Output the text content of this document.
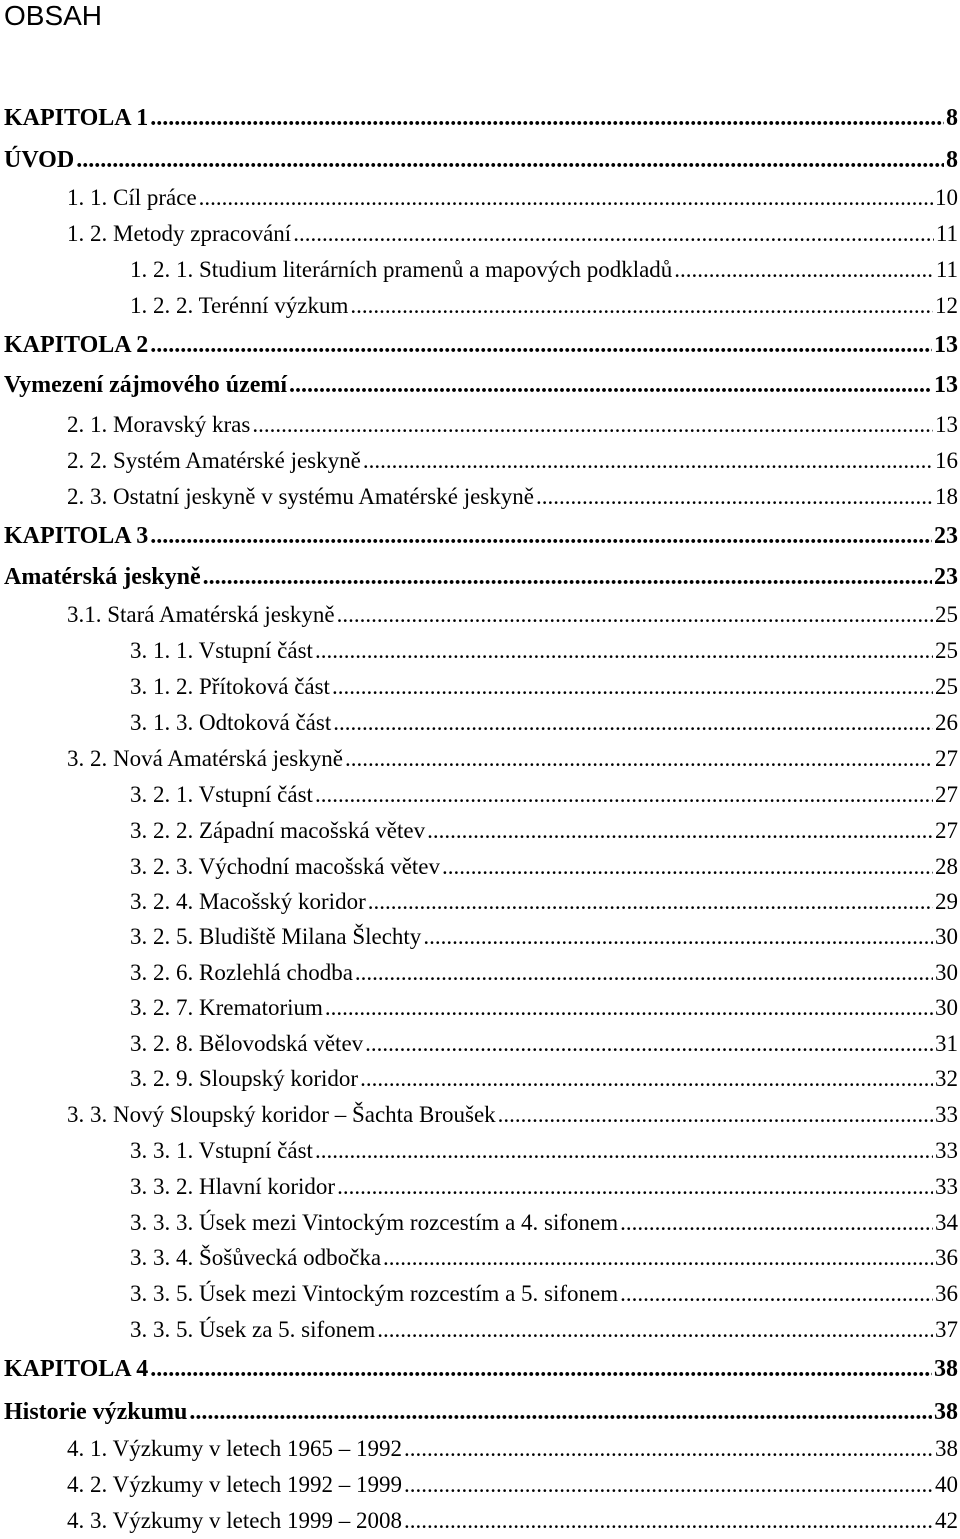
OBSAH
KAPITOLA 1 .....	8
ÚVOD .....	8
1. 1. Cíl práce .....	10
1. 2. Metody zpracování .....	11
1. 2. 1. Studium literárních pramenů a mapových podkladů .....	11
1. 2. 2. Terénní výzkum .....	12
KAPITOLA 2 .....	13
Vymezení zájmového území .....	13
2. 1. Moravský kras .....	13
2. 2. Systém Amatérské jeskyně .....	16
2. 3. Ostatní jeskyně v systému Amatérské jeskyně .....	18
KAPITOLA 3 .....	23
Amatérská jeskyně .....	23
3.1. Stará Amatérská jeskyně .....	25
3. 1. 1. Vstupní část .....	25
3. 1. 2. Přítoková část .....	25
3. 1. 3. Odtoková část .....	26
3. 2. Nová Amatérská jeskyně .....	27
3. 2. 1. Vstupní část .....	27
3. 2. 2. Západní macošská větev .....	27
3. 2. 3. Východní macošská větev .....	28
3. 2. 4. Macošský koridor .....	29
3. 2. 5. Bludiště Milana Šlechty .....	30
3. 2. 6. Rozlehlá chodba .....	30
3. 2. 7. Krematorium .....	30
3. 2. 8. Bělovodská větev .....	31
3. 2. 9. Sloupský koridor .....	32
3. 3. Nový Sloupský koridor – Šachta Broušek .....	33
3. 3. 1. Vstupní část .....	33
3. 3. 2. Hlavní koridor .....	33
3. 3. 3. Úsek mezi Vintockým rozcestím a 4. sifonem .....	34
3. 3. 4. Šošůvecká odbočka .....	36
3. 3. 5. Úsek mezi Vintockým rozcestím a 5. sifonem .....	36
3. 3. 5. Úsek za 5. sifonem .....	37
KAPITOLA 4 .....	38
Historie výzkumu .....	38
4. 1. Výzkumy v letech 1965 – 1992 .....	38
4. 2. Výzkumy v letech 1992 – 1999 .....	40
4. 3. Výzkumy v letech 1999 – 2008 .....	42
